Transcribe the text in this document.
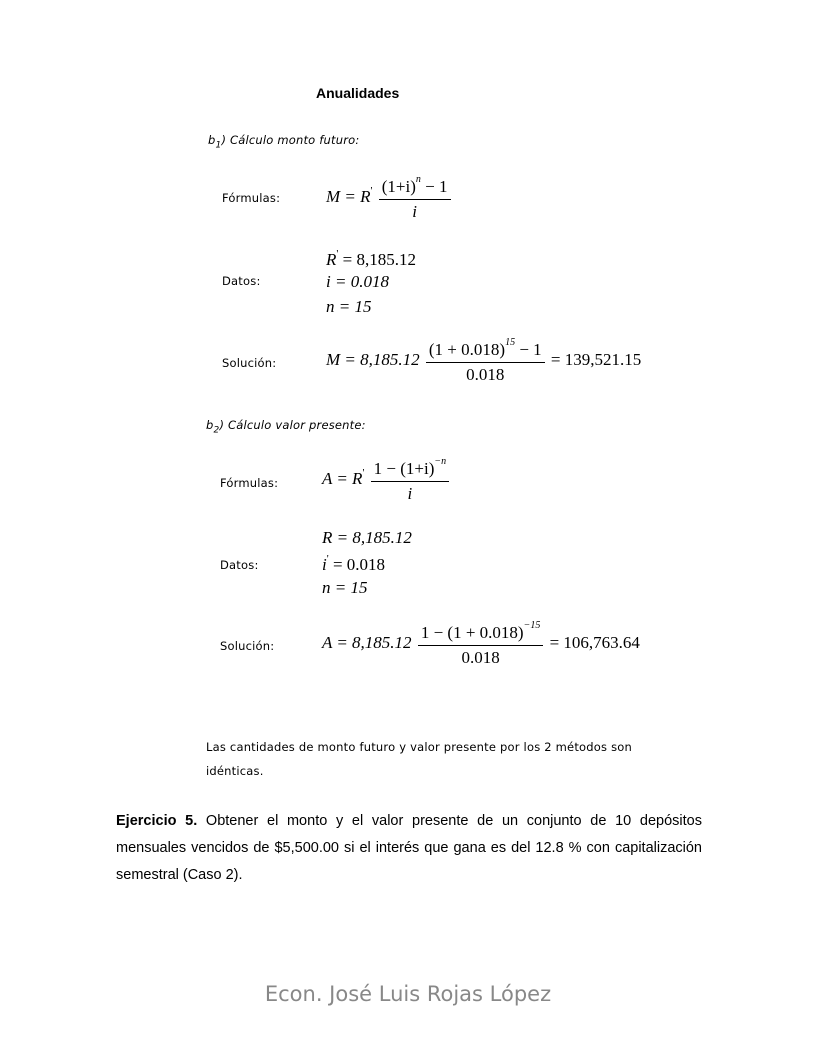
Anualidades
$b_1$) Cálculo monto futuro:
Fórmulas:	$M = R' \frac{(1+i)^n - 1}{i}$
Datos:
R' = 8,185.12
i = 0.018
n = 15
Solución:	$M = 8,185.12 \frac{(1 + 0.018)^{15} - 1}{0.018} = 139,521.15$
$b_2$) Cálculo valor presente:
Fórmulas:	$A = R' \frac{1 - (1+i)^{-n}}{i}$
Datos:
R = 8,185.12
i' = 0.018
n = 15
Solución:	$A = 8,185.12 \frac{1 - (1 + 0.018)^{-15}}{0.018} = 106,763.64$
Las cantidades de monto futuro y valor presente por los 2 métodos son idénticas.
Ejercicio 5. Obtener el monto y el valor presente de un conjunto de 10 depósitos mensuales vencidos de $5,500.00 si el interés que gana es del 12.8 % con capitalización semestral (Caso 2).
Econ. José Luis Rojas López
